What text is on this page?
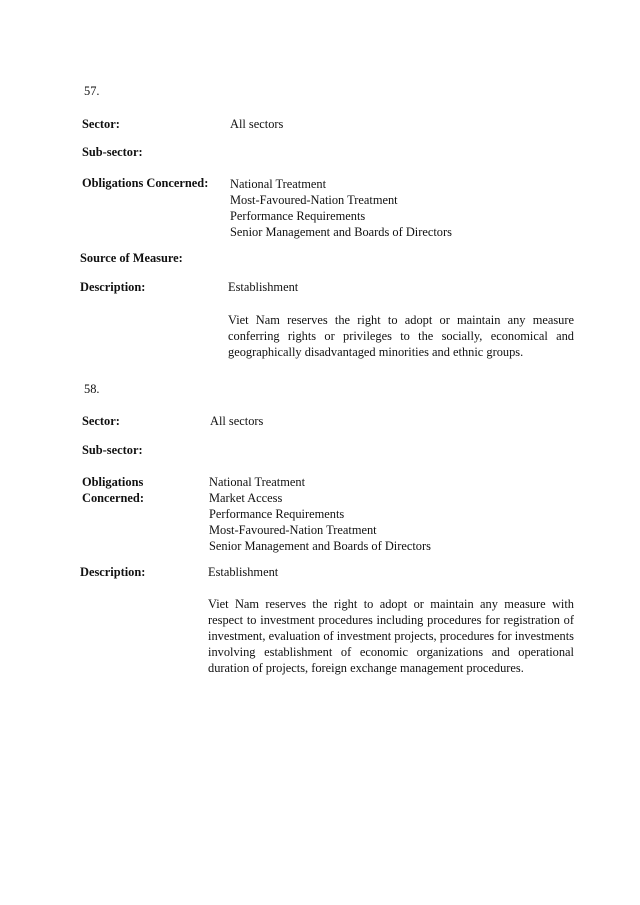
57.
Sector:	All sectors
Sub-sector:
Obligations Concerned: National Treatment
Most-Favoured-Nation Treatment
Performance Requirements
Senior Management and Boards of Directors
Source of Measure:
Description:	Establishment
Viet Nam reserves the right to adopt or maintain any measure conferring rights or privileges to the socially, economical and geographically disadvantaged minorities and ethnic groups.
58.
Sector:	All sectors
Sub-sector:
Obligations
Concerned:
National Treatment
Market Access
Performance Requirements
Most-Favoured-Nation Treatment
Senior Management and Boards of Directors
Description:	Establishment
Viet Nam reserves the right to adopt or maintain any measure with respect to investment procedures including procedures for registration of investment, evaluation of investment projects, procedures for investments involving establishment of economic organizations and operational duration of projects, foreign exchange management procedures.
